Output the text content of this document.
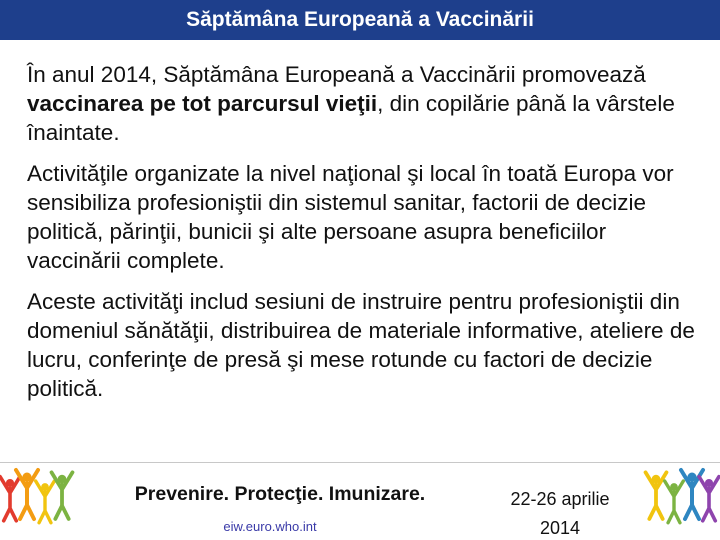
Săptămâna Europeană a Vaccinării

În anul 2014, Săptămâna Europeană a Vaccinării promovează vaccinarea pe tot parcursul vieţii, din copilărie până la vârstele înaintate.

Activităţile organizate la nivel naţional şi local în toată Europa vor sensibiliza profesioniştii din sistemul sanitar, factorii de decizie politică, părinţii, bunicii şi alte persoane asupra beneficiilor vaccinării complete.

Aceste activităţi includ sesiuni de instruire pentru profesioniştii din domeniul sănătăţii, distribuirea de materiale informative, ateliere de lucru, conferinţe de presă şi mese rotunde cu factori de decizie politică.

Prevenire. Protecţie. Imunizare.
eiw.euro.who.int
22-26 aprilie
2014
